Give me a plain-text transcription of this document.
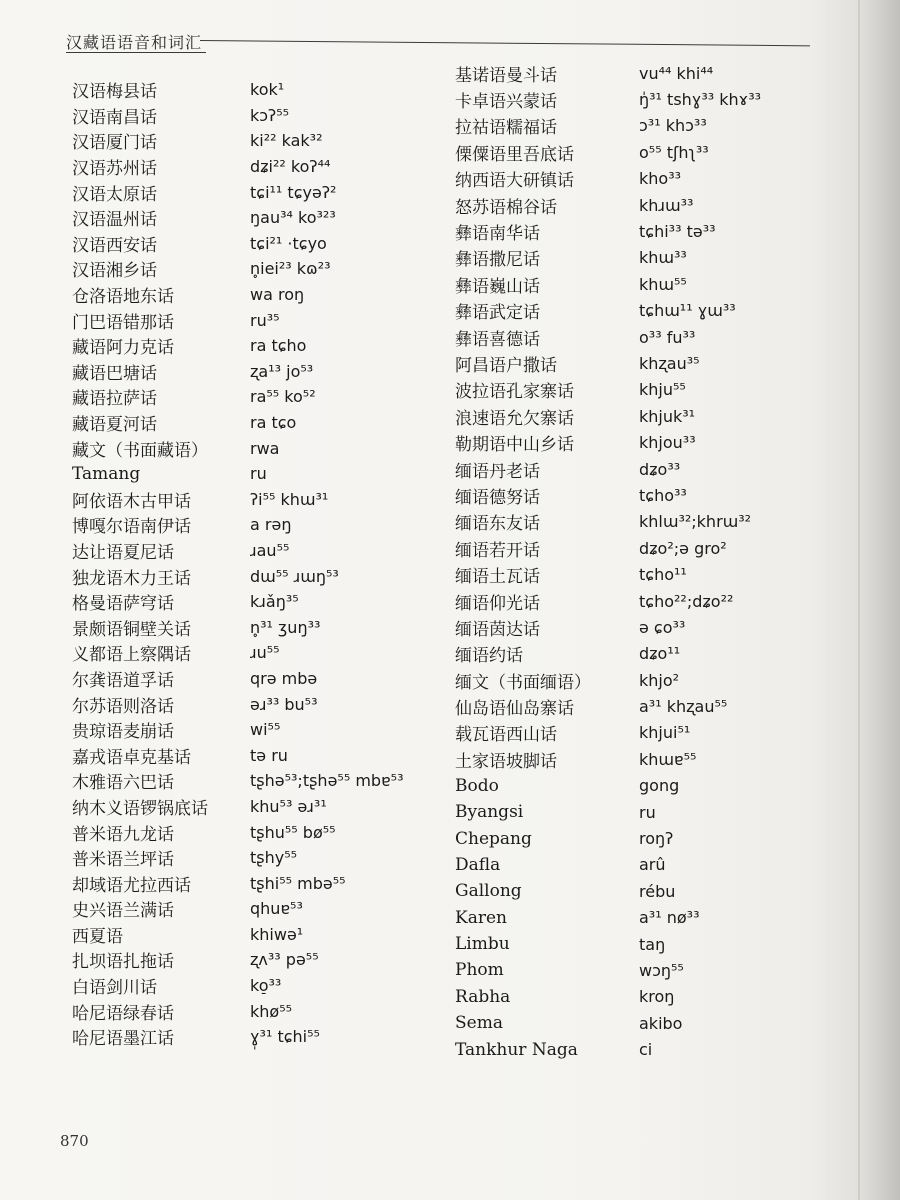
汉藏语语音和词汇
汉语梅县话	kok¹
汉语南昌话	kɔʔ⁵⁵
汉语厦门话	ki²² kak³²
汉语苏州话	dʑi²² koʔ⁴⁴
汉语太原话	tɕi¹¹ tɕyəʔ²
汉语温州话	ŋau³⁴ ko³²³
汉语西安话	tɕi²¹ ·tɕyo
汉语湘乡话	n̥iei²³ kɷ²³
仓洛语地东话	wa roŋ
门巴语错那话	ru³⁵
藏语阿力克话	ra tɕho
藏语巴塘话	ʐa¹³ jo⁵³
藏语拉萨话	ra⁵⁵ ko⁵²
藏语夏河话	ra tɕo
藏文（书面藏语）	rwa
Tamang	ru
阿依语木古甲话	ʔi⁵⁵ khɯ³¹
博嘎尔语南伊话	a rəŋ
达让语夏尼话	ɹau⁵⁵
独龙语木力王话	dɯ⁵⁵ ɹɯŋ⁵³
格曼语萨穹话	kɹǎŋ³⁵
景颇语铜壁关话	n̥³¹ ʒuŋ³³
义都语上察隅话	ɹu⁵⁵
尔龚语道孚话	qrə mbə
尔苏语则洛话	əɹ³³ bu⁵³
贵琼语麦崩话	wi⁵⁵
嘉戎语卓克基话	tə ru
木雅语六巴话	tʂhə⁵³;tʂhə⁵⁵ mbɐ⁵³
纳木义语锣锅底话	khu⁵³ əɹ³¹
普米语九龙话	tʂhu⁵⁵ bø⁵⁵
普米语兰坪话	tʂhy⁵⁵
却域语尤拉西话	tʂhi⁵⁵ mbə⁵⁵
史兴语兰满话	qhuɐ⁵³
西夏语	khiwə¹
扎坝语扎拖话	ʐʌ³³ pə⁵⁵
白语剑川话	ko̠³³
哈尼语绿春话	khø⁵⁵
哈尼语墨江话	ɣ̩³¹ tɕhi⁵⁵
基诺语曼斗话	vu⁴⁴ khi⁴⁴
卡卓语兴蒙话	ŋ̍³¹ tshɣ³³ khɤ³³
拉祜语糯福话	ɔ³¹ khɔ³³
傈僳语里吾底话	o⁵⁵ tʃhʅ³³
纳西语大研镇话	kho³³
怒苏语棉谷话	khɹɯ³³
彝语南华话	tɕhi³³ tə³³
彝语撒尼话	khɯ³³
彝语巍山话	khɯ⁵⁵
彝语武定话	tɕhɯ¹¹ ɣɯ³³
彝语喜德话	o³³ fu³³
阿昌语户撒话	khʐau³⁵
波拉语孔家寨话	khju⁵⁵
浪速语允欠寨话	khjuk³¹
勒期语中山乡话	khjou³³
缅语丹老话	dʑo³³
缅语德努话	tɕho³³
缅语东友话	khlɯ³²;khrɯ³²
缅语若开话	dʑo²;ə gro²
缅语土瓦话	tɕho¹¹
缅语仰光话	tɕho²²;dʑo²²
缅语茵达话	ə ɕo³³
缅语约话	dʑo¹¹
缅文（书面缅语）	khjo²
仙岛语仙岛寨话	a³¹ khʐau⁵⁵
载瓦语西山话	khjui⁵¹
土家语坡脚话	khɯɐ⁵⁵
Bodo	gong
Byangsi	ru
Chepang	roŋʔ
Dafla	arû
Gallong	rébu
Karen	a³¹ nø³³
Limbu	taŋ
Phom	wɔŋ⁵⁵
Rabha	kroŋ
Sema	akibo
Tankhur Naga	ci
870
